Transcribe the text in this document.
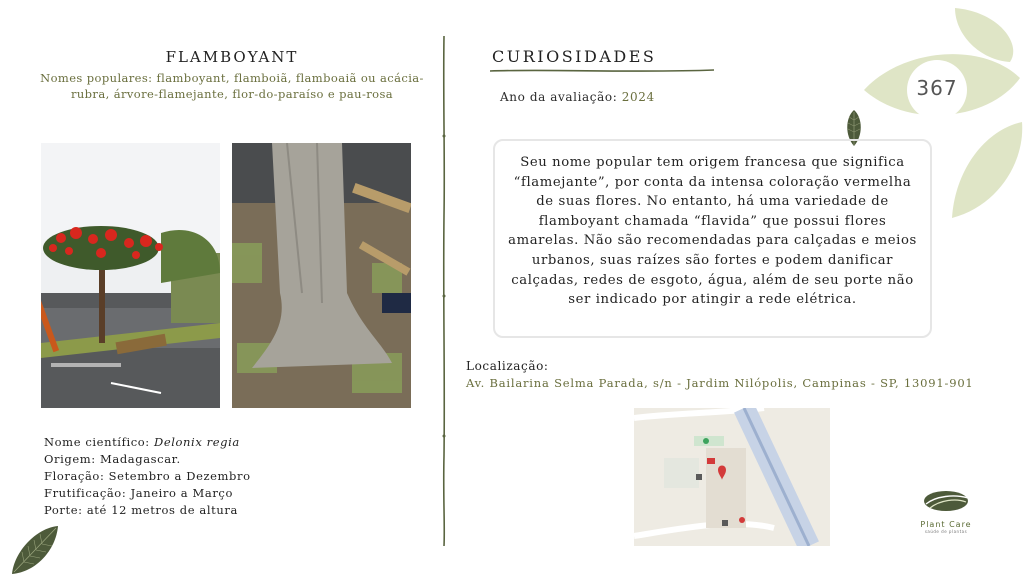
367
FLAMBOYANT
Nomes populares: flamboyant, flamboiã, flamboaiã ou acácia-rubra, árvore-flamejante, flor-do-paraíso e pau-rosa
Nome científico: Delonix regia
Origem: Madagascar.
Floração: Setembro a Dezembro
Frutificação: Janeiro a Março
Porte: até 12 metros de altura
CURIOSIDADES
Ano da avaliação: 2024
Seu nome popular tem origem francesa que significa “flamejante”, por conta da intensa coloração vermelha de suas flores. No entanto, há uma variedade de flamboyant chamada “flavida” que possui flores amarelas. Não são recomendadas para calçadas e meios urbanos, suas raízes são fortes e podem danificar calçadas, redes de esgoto, água, além de seu porte não ser indicado por atingir a rede elétrica.
Localização:
Av. Bailarina Selma Parada, s/n - Jardim Nilópolis, Campinas - SP, 13091-901
Plant Care
saúde de plantas
